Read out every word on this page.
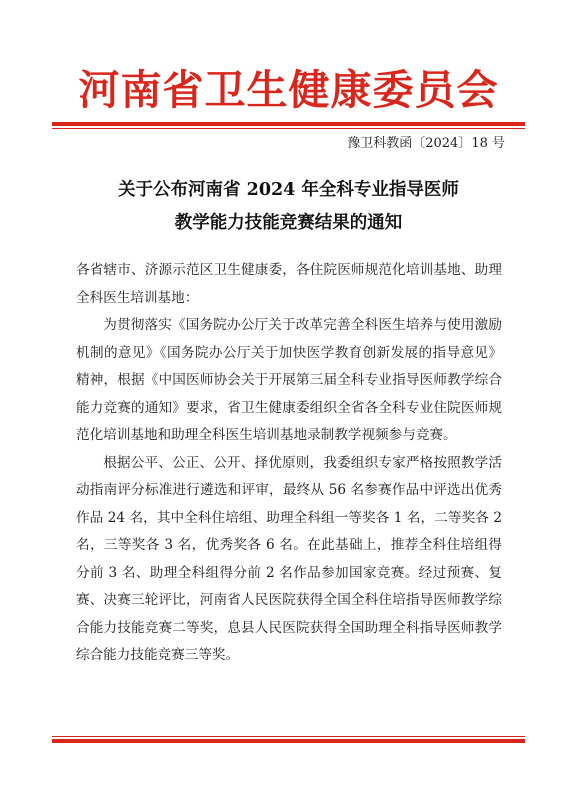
河南省卫生健康委员会
豫卫科教函〔2024〕18 号
关于公布河南省 2024 年全科专业指导医师
教学能力技能竞赛结果的通知

各省辖市、济源示范区卫生健康委，各住院医师规范化培训基地、助理全科医生培训基地：

为贯彻落实《国务院办公厅关于改革完善全科医生培养与使用激励机制的意见》《国务院办公厅关于加快医学教育创新发展的指导意见》精神，根据《中国医师协会关于开展第三届全科专业指导医师教学综合能力竞赛的通知》要求，省卫生健康委组织全省各全科专业住院医师规范化培训基地和助理全科医生培训基地录制教学视频参与竞赛。

根据公平、公正、公开、择优原则，我委组织专家严格按照教学活动指南评分标准进行遴选和评审，最终从 56 名参赛作品中评选出优秀作品 24 名，其中全科住培组、助理全科组一等奖各 1 名，二等奖各 2 名，三等奖各 3 名，优秀奖各 6 名。在此基础上，推荐全科住培组得分前 3 名、助理全科组得分前 2 名作品参加国家竞赛。经过预赛、复赛、决赛三轮评比，河南省人民医院获得全国全科住培指导医师教学综合能力技能竞赛二等奖，息县人民医院获得全国助理全科指导医师教学综合能力技能竞赛三等奖。
